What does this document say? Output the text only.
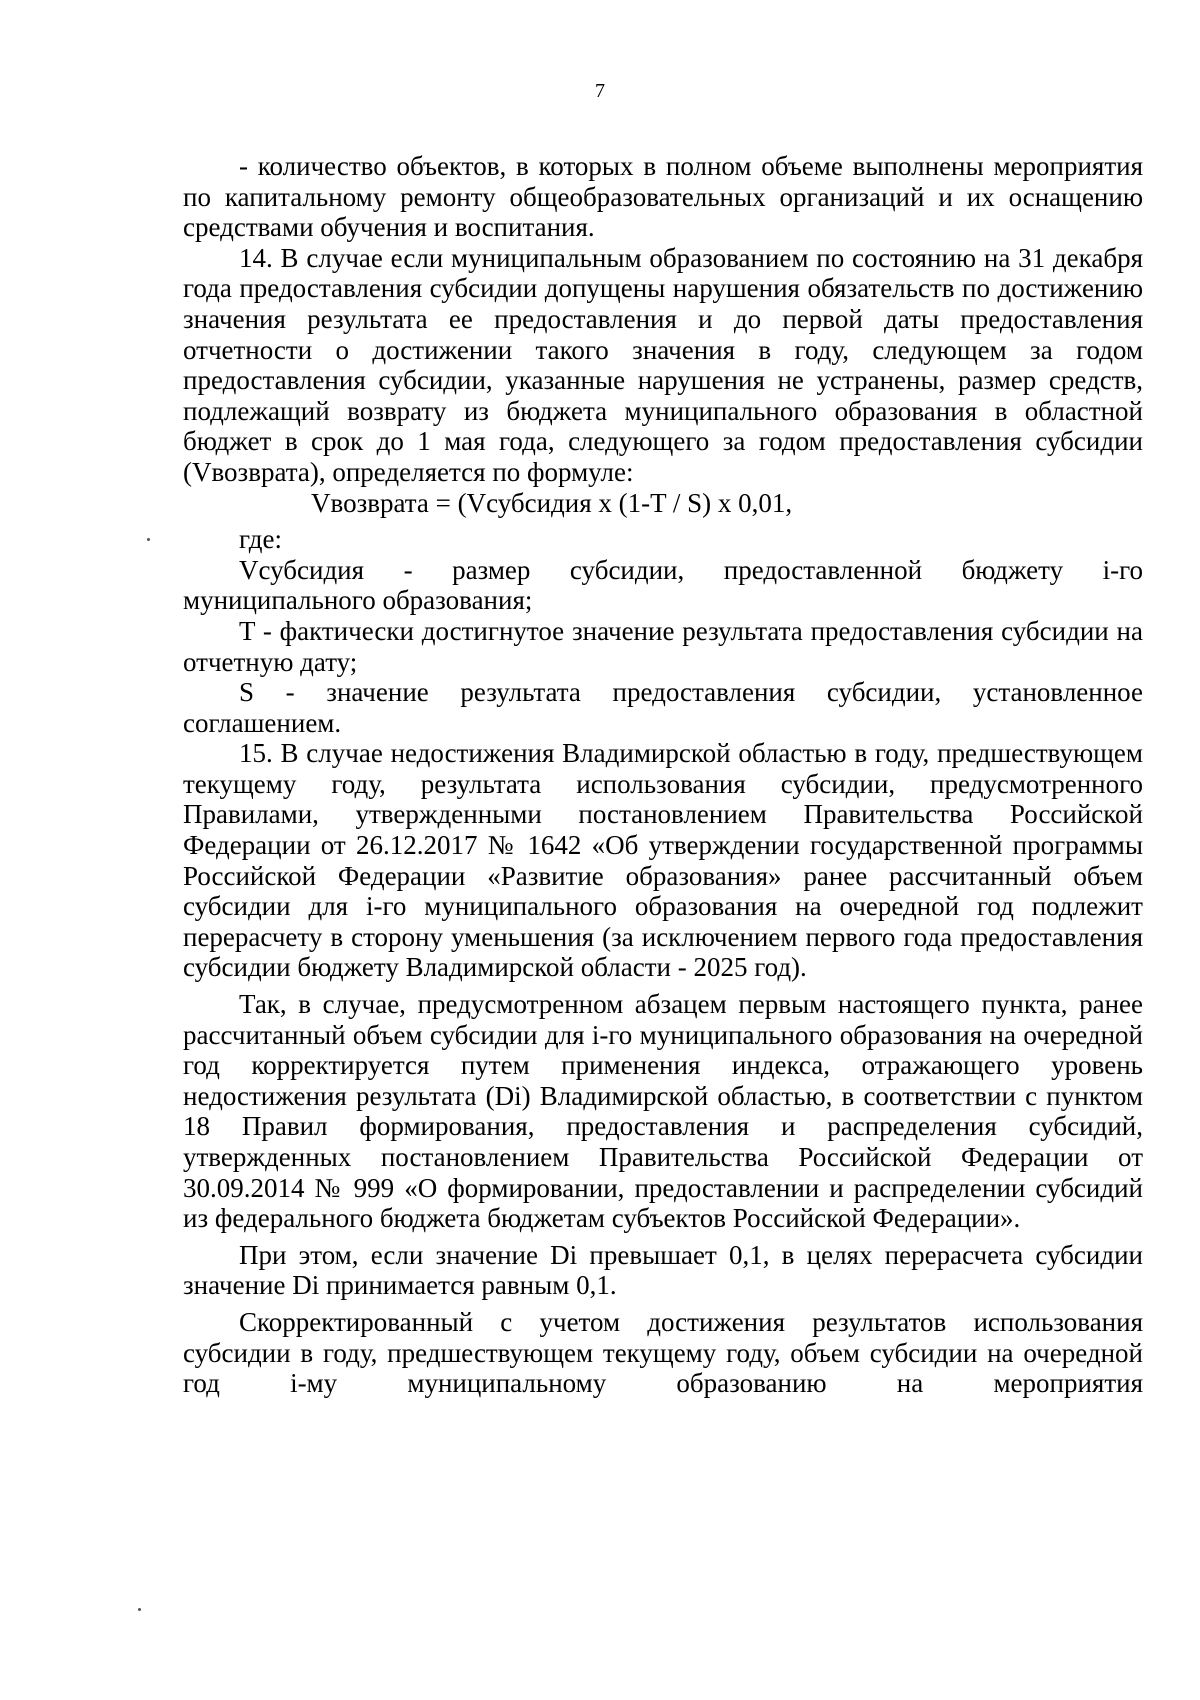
7

- количество объектов, в которых в полном объеме выполнены мероприятия по капитальному ремонту общеобразовательных организаций и их оснащению средствами обучения и воспитания.

14. В случае если муниципальным образованием по состоянию на 31 декабря года предоставления субсидии допущены нарушения обязательств по достижению значения результата ее предоставления и до первой даты предоставления отчетности о достижении такого значения в году, следующем за годом предоставления субсидии, указанные нарушения не устранены, размер средств, подлежащий возврату из бюджета муниципального образования в областной бюджет в срок до 1 мая года, следующего за годом предоставления субсидии (Vвозврата), определяется по формуле:

Vвозврата = (Vсубсидия x (1-T / S) x 0,01,

где:

Vсубсидия - размер субсидии, предоставленной бюджету i-го муниципального образования;

T - фактически достигнутое значение результата предоставления субсидии на отчетную дату;

S - значение результата предоставления субсидии, установленное соглашением.

15. В случае недостижения Владимирской областью в году, предшествующем текущему году, результата использования субсидии, предусмотренного Правилами, утвержденными постановлением Правительства Российской Федерации от 26.12.2017 № 1642 «Об утверждении государственной программы Российской Федерации «Развитие образования» ранее рассчитанный объем субсидии для i-го муниципального образования на очередной год подлежит перерасчету в сторону уменьшения (за исключением первого года предоставления субсидии бюджету Владимирской области - 2025 год).

Так, в случае, предусмотренном абзацем первым настоящего пункта, ранее рассчитанный объем субсидии для i-го муниципального образования на очередной год корректируется путем применения индекса, отражающего уровень недостижения результата (Di) Владимирской областью, в соответствии с пунктом 18 Правил формирования, предоставления и распределения субсидий, утвержденных постановлением Правительства Российской Федерации от 30.09.2014 № 999 «О формировании, предоставлении и распределении субсидий из федерального бюджета бюджетам субъектов Российской Федерации».

При этом, если значение Di превышает 0,1, в целях перерасчета субсидии значение Di принимается равным 0,1.

Скорректированный с учетом достижения результатов использования субсидии в году, предшествующем текущему году, объем субсидии на очередной год i-му муниципальному образованию на мероприятия
